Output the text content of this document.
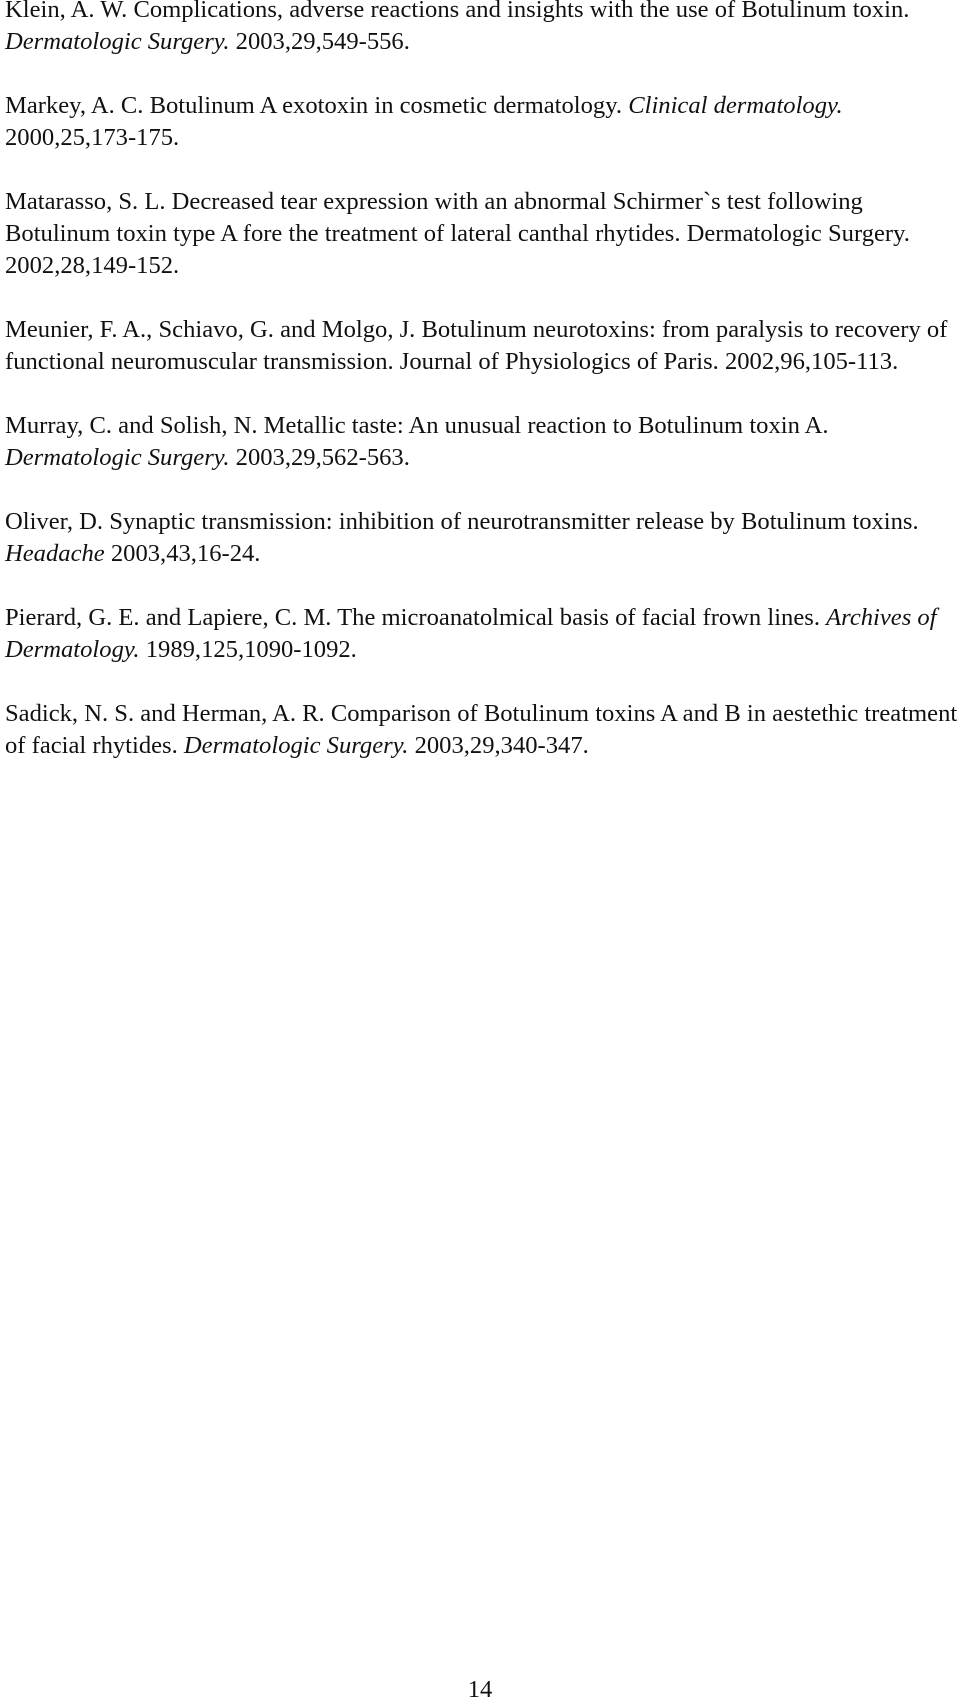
Klein, A. W. Complications, adverse reactions and insights with the use of Botulinum toxin. Dermatologic Surgery. 2003,29,549-556.
Markey, A. C. Botulinum A exotoxin in cosmetic dermatology. Clinical dermatology. 2000,25,173-175.
Matarasso, S. L. Decreased tear expression with an abnormal Schirmer`s test following Botulinum toxin type A fore the treatment of lateral canthal rhytides. Dermatologic Surgery. 2002,28,149-152.
Meunier, F. A., Schiavo, G. and Molgo, J. Botulinum neurotoxins: from paralysis to recovery of functional neuromuscular transmission. Journal of Physiologics of Paris. 2002,96,105-113.
Murray, C. and Solish, N. Metallic taste: An unusual reaction to Botulinum toxin A. Dermatologic Surgery. 2003,29,562-563.
Oliver, D. Synaptic transmission: inhibition of neurotransmitter release by Botulinum toxins. Headache 2003,43,16-24.
Pierard, G. E. and Lapiere, C. M. The microanatolmical basis of facial frown lines. Archives of Dermatology. 1989,125,1090-1092.
Sadick, N. S. and Herman, A. R. Comparison of Botulinum toxins A and B in aestethic treatment of facial rhytides. Dermatologic Surgery. 2003,29,340-347.
14
